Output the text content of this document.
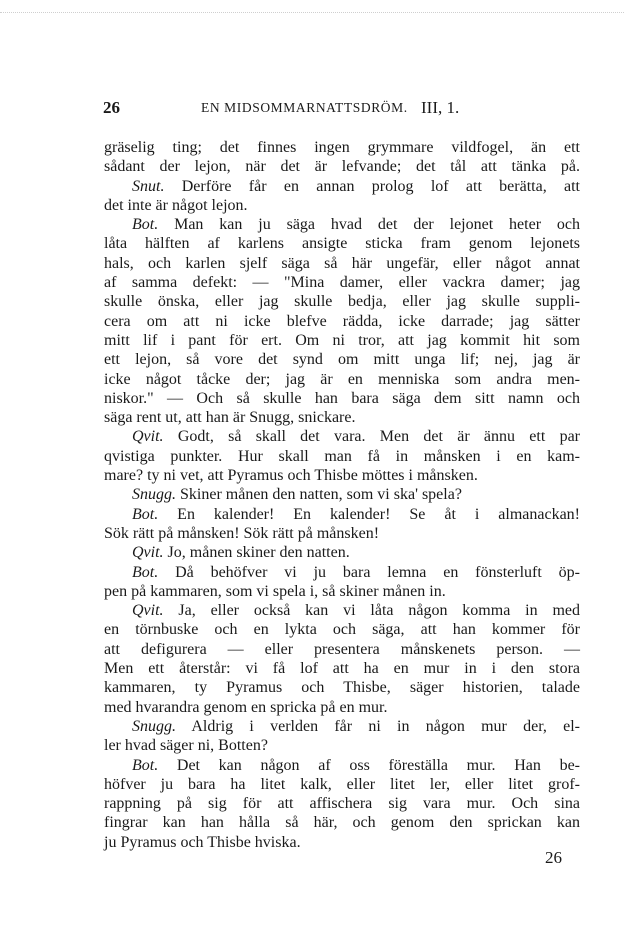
26	EN MIDSOMMARNATTSDRÖM. III, 1.
gräselig ting; det finnes ingen grymmare vildfogel, än ett
sådant der lejon, när det är lefvande; det tål att tänka på.
Snut. Derföre får en annan prolog lof att berätta, att
det inte är något lejon.
Bot. Man kan ju säga hvad det der lejonet heter och
låta hälften af karlens ansigte sticka fram genom lejonets
hals, och karlen sjelf säga så här ungefär, eller något annat
af samma defekt: — "Mina damer, eller vackra damer; jag
skulle önska, eller jag skulle bedja, eller jag skulle suppli-
cera om att ni icke blefve rädda, icke darrade; jag sätter
mitt lif i pant för ert. Om ni tror, att jag kommit hit som
ett lejon, så vore det synd om mitt unga lif; nej, jag är
icke något tåcke der; jag är en menniska som andra men-
niskor." — Och så skulle han bara säga dem sitt namn och
säga rent ut, att han är Snugg, snickare.
Qvit. Godt, så skall det vara. Men det är ännu ett par
qvistiga punkter. Hur skall man få in månsken i en kam-
mare? ty ni vet, att Pyramus och Thisbe möttes i månsken.
Snugg. Skiner månen den natten, som vi ska' spela?
Bot. En kalender! En kalender! Se åt i almanackan!
Sök rätt på månsken! Sök rätt på månsken!
Qvit. Jo, månen skiner den natten.
Bot. Då behöfver vi ju bara lemna en fönsterluft öp-
pen på kammaren, som vi spela i, så skiner månen in.
Qvit. Ja, eller också kan vi låta någon komma in med
en törnbuske och en lykta och säga, att han kommer för
att defigurera — eller presentera månskenets person. —
Men ett återstår: vi få lof att ha en mur in i den stora
kammaren, ty Pyramus och Thisbe, säger historien, talade
med hvarandra genom en spricka på en mur.
Snugg. Aldrig i verlden får ni in någon mur der, el-
ler hvad säger ni, Botten?
Bot. Det kan någon af oss föreställa mur. Han be-
höfver ju bara ha litet kalk, eller litet ler, eller litet grof-
rappning på sig för att affischera sig vara mur. Och sina
fingrar kan han hålla så här, och genom den sprickan kan
ju Pyramus och Thisbe hviska.
26
